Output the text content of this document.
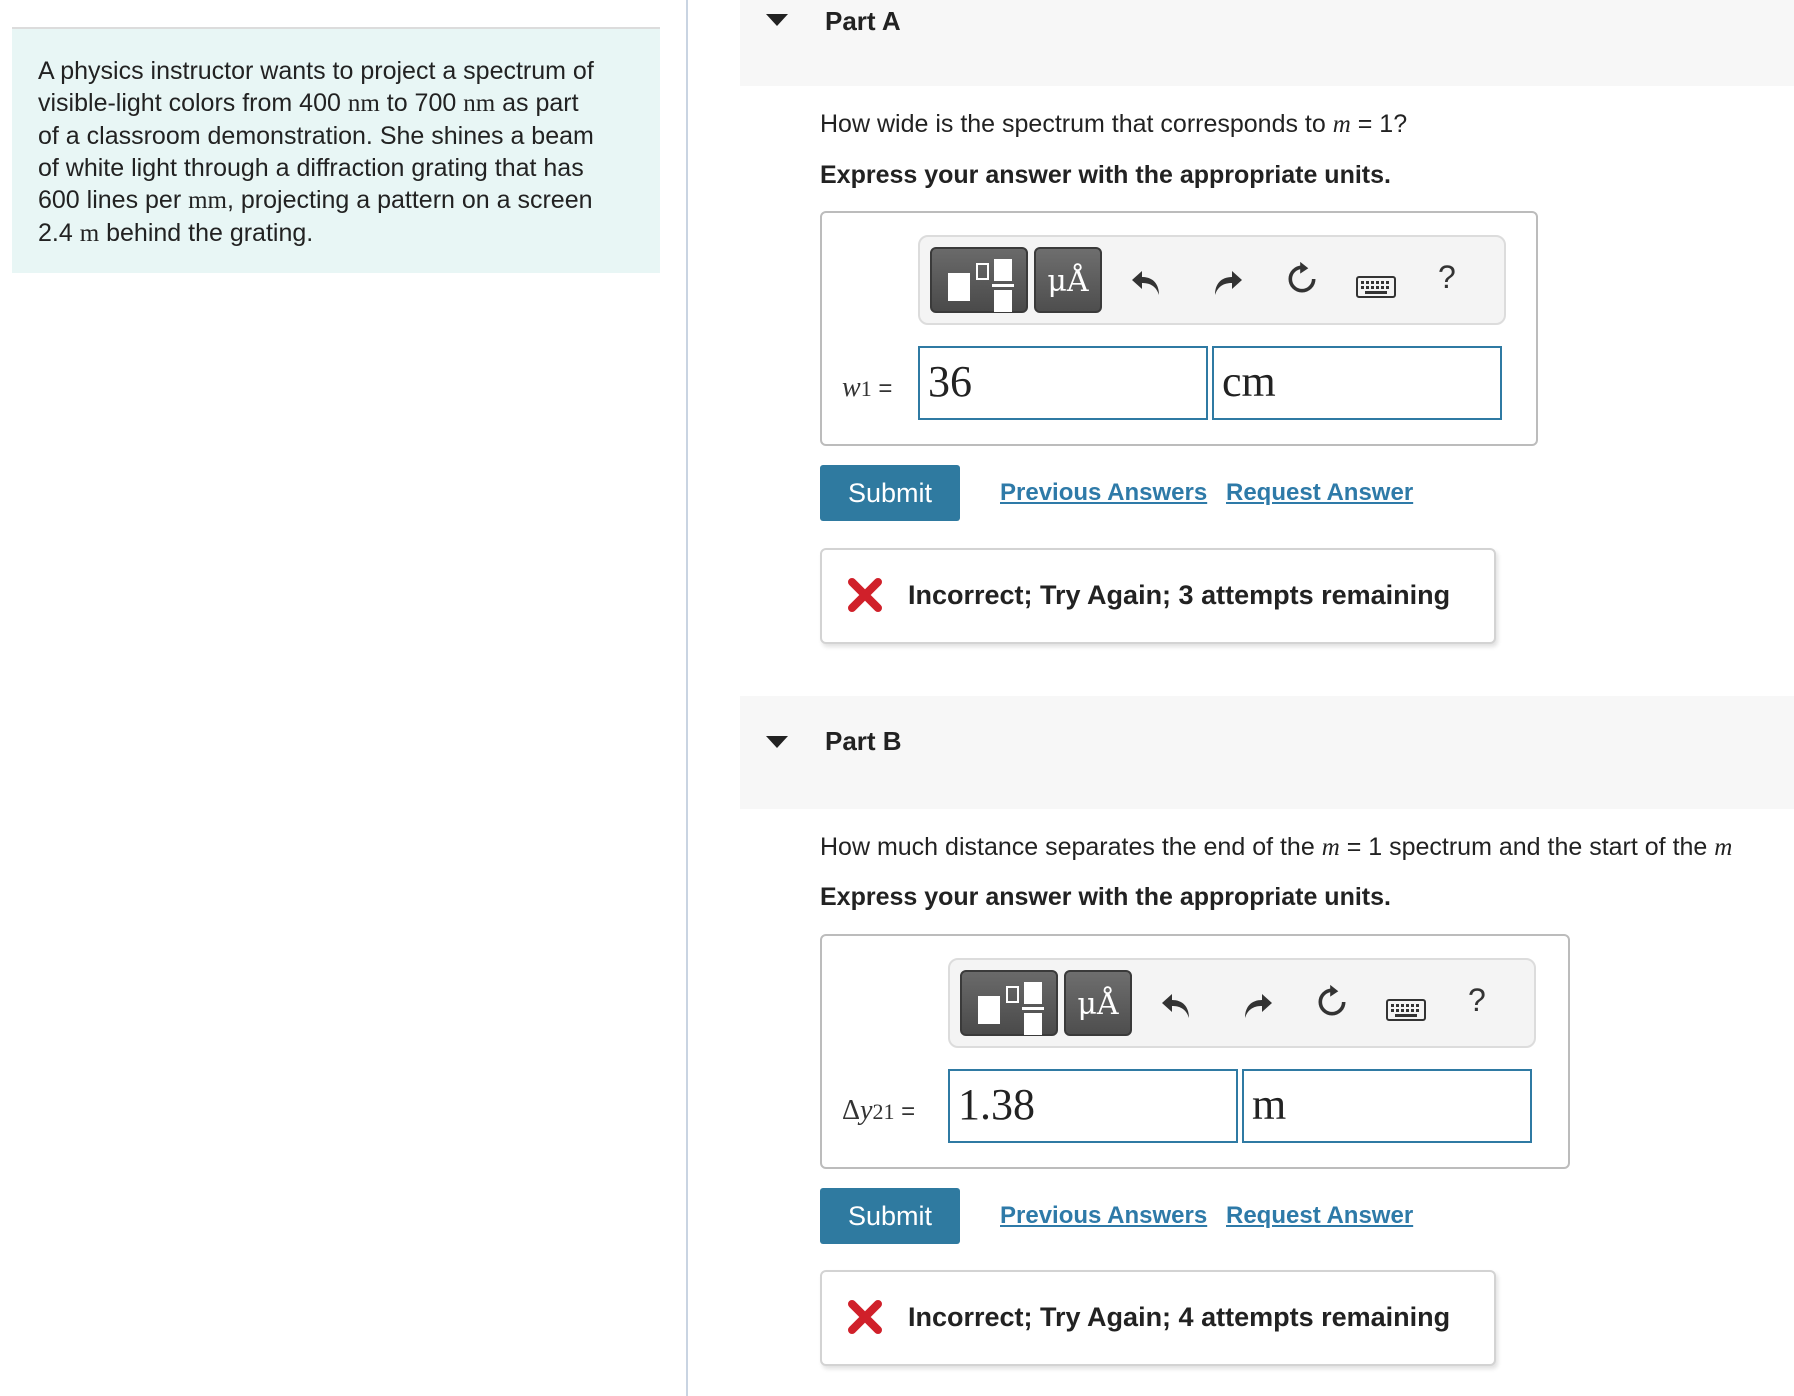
A physics instructor wants to project a spectrum of
visible-light colors from 400 nm to 700 nm as part
of a classroom demonstration. She shines a beam
of white light through a diffraction grating that has
600 lines per mm, projecting a pattern on a screen
2.4 m behind the grating.
Part A
How wide is the spectrum that corresponds to m = 1?
Express your answer with the appropriate units.
μÅ	?
w1 = 36	cm
Submit	Previous Answers Request Answer
Incorrect; Try Again; 3 attempts remaining
Part B
How much distance separates the end of the m = 1 spectrum and the start of the m
Express your answer with the appropriate units.
μÅ	?
Δy21 = 1.38	m
Submit	Previous Answers Request Answer
Incorrect; Try Again; 4 attempts remaining
